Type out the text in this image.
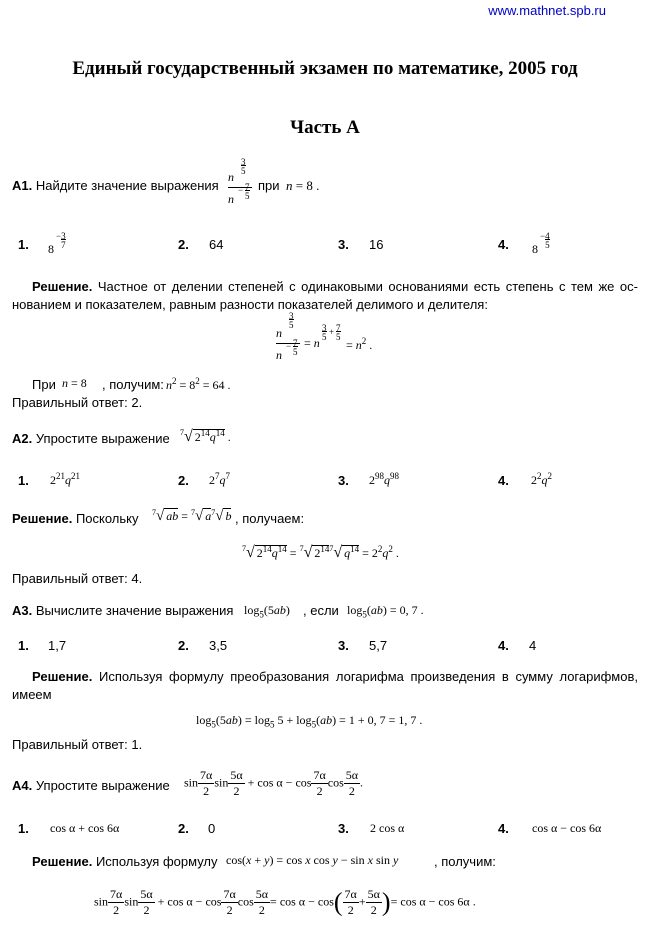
www.mathnet.spb.ru
Единый государственный экзамен по математике, 2005 год
Часть А
А1. Найдите значение выражения
3
5
n
n
− 7
5
при n = 8 .
1. 8
−3
7	2. 64	3. 16	4. 8
−4
5
Решение. Частное от делении степеней с одинаковыми основаниями есть степень с тем же ос-нованием и показателем, равным разности показателей делимого и делителя:
3
5
n
n
− 7
5
= n
3
5 + 7
5
= $n^2$ .
При n = 8 , получим: $n^2 = 8^2 = 64$ .
Правильный ответ: 2.
А2. Упростите выражение $^7$√ $2^{14}q^{14}$ .
1. $2^{21}q^{21}$	2. $2^7q^7$	3. $2^{98}q^{98}$	4. $2^2q^2$
Решение. Поскольку $^7$√ ab = $^7$√ $a^7√$ b , получаем:
$^7$√ $2^{14}q^{14} = ^7√$ $2^{147}√$ $q^{14} = 2^2q^2$ .
Правильный ответ: 4.
А3. Вычислите значение выражения $\log_5(5ab)$ , если $\log_5(ab) = 0$, 7 .
1. 1,7	2. 3,5	3. 5,7	4. 4
Решение. Используя формулу преобразования логарифма произведения в сумму логарифмов, имеем
$\log_5(5ab) = \log_5 5 + \log_5(ab) = 1 + 0$, 7 = 1, 7 .
Правильный ответ: 1.
А4. Упростите выражение $\sin \frac{7\alpha}{2}$ $\sin \frac{5\alpha}{2} + \cos \alpha - \cos \frac{7\alpha}{2}$ $\cos \frac{5\alpha}{2}$ .
1. cos α + cos 6α	2. 0	3. 2 cos α	4. cos α − cos 6α
Решение. Используя формулу cos(x + y) = cos x cos y − sin x sin y	, получим:
$\sin \frac{7\alpha}{2}$ $\sin \frac{5\alpha}{2} + \cos \alpha - \cos \frac{7\alpha}{2}$ $\cos \frac{5\alpha}{2} = \cos \alpha - \cos( \frac{7\alpha}{2} + \frac{5\alpha}{2}$ )= cos α − cos 6α .
